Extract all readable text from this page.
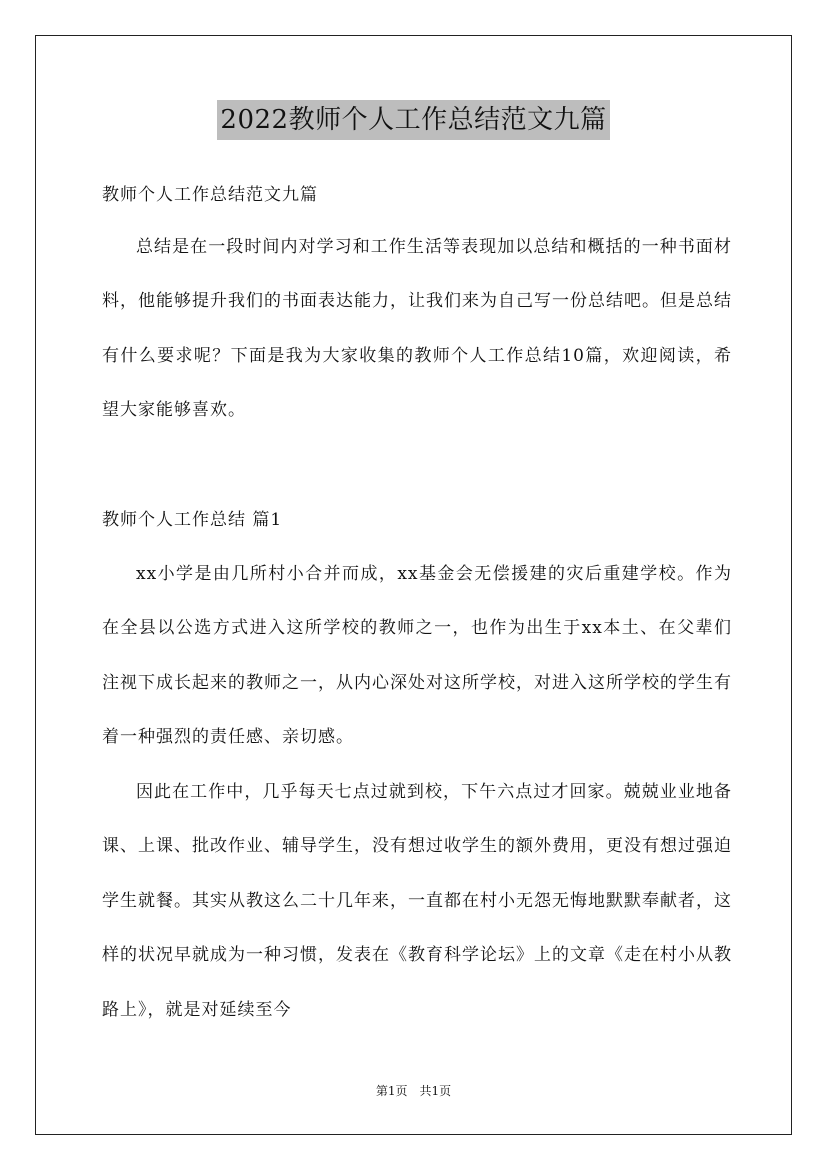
2022教师个人工作总结范文九篇
教师个人工作总结范文九篇
总结是在一段时间内对学习和工作生活等表现加以总结和概括的一种书面材料，他能够提升我们的书面表达能力，让我们来为自己写一份总结吧。但是总结有什么要求呢？下面是我为大家收集的教师个人工作总结10篇，欢迎阅读，希望大家能够喜欢。
教师个人工作总结 篇1
xx小学是由几所村小合并而成，xx基金会无偿援建的灾后重建学校。作为在全县以公选方式进入这所学校的教师之一，也作为出生于xx本土、在父辈们注视下成长起来的教师之一，从内心深处对这所学校，对进入这所学校的学生有着一种强烈的责任感、亲切感。
因此在工作中，几乎每天七点过就到校，下午六点过才回家。兢兢业业地备课、上课、批改作业、辅导学生，没有想过收学生的额外费用，更没有想过强迫学生就餐。其实从教这么二十几年来，一直都在村小无怨无悔地默默奉献者，这样的状况早就成为一种习惯，发表在《教育科学论坛》上的文章《走在村小从教路上》，就是对延续至今
第1页　共1页
